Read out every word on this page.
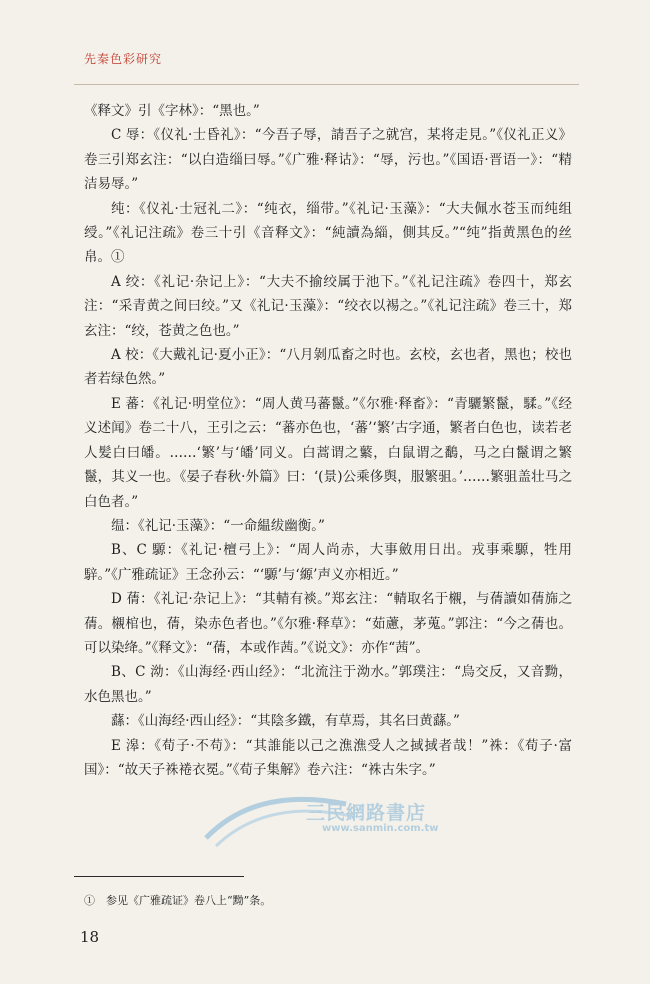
先秦色彩研究

《释文》引《字林》：“黑也。”

C 辱：《仪礼·士昏礼》：“今吾子辱，請吾子之就宫，某将走見。”《仪礼正义》卷三引郑玄注：“以白造缁曰辱。”《广雅·释诂》：“辱，污也。”《国语·晋语一》：“精洁易辱。”

纯：《仪礼·士冠礼二》：“纯衣，缁带。”《礼记·玉藻》：“大夫佩水苍玉而纯组绶。”《礼记注疏》卷三十引《音释文》：“純讀為緇，側其反。”“纯”指黄黑色的丝帛。①

A 绞：《礼记·杂记上》：“大夫不揄绞属于池下。”《礼记注疏》卷四十，郑玄注：“采青黄之间曰绞。”又《礼记·玉藻》：“绞衣以裼之。”《礼记注疏》卷三十，郑玄注：“绞，苍黄之色也。”

A 校：《大戴礼记·夏小正》：“八月剝瓜畜之时也。玄校，玄也者，黑也；校也者若绿色然。”

E 蕃：《礼记·明堂位》：“周人黄马蕃鬣。”《尔雅·释畜》：“青驪繁鬣，騥。”《经义述闻》卷二十八，王引之云：“蕃亦色也，‘蕃’‘繁’古字通，繁者白色也，读若老人髪白曰皤。……‘繁’与‘皤’同义。白蒿谓之蘩，白鼠谓之鷭，马之白鬣谓之繁鬣，其义一也。《晏子春秋·外篇》曰：‘(景)公乘侈舆，服繁驵。’……繁驵盖壮马之白色者。”

缊：《礼记·玉藻》：“一命緼绂幽衡。”

B、C 騵：《礼记·檀弓上》：“周人尚赤，大事斂用日出。戎事乘騵，牲用騂。”《广雅疏证》王念孙云：“‘騵’与‘縓’声义亦相近。”

D 蒨：《礼记·杂记上》：“其輤有裧。”郑玄注：“輤取名于櫬，与蒨讀如蒨旆之蒨。櫬棺也，蒨，染赤色者也。”《尔雅·释草》：“茹藘，茅蒐。”郭注：“今之蒨也。可以染绛。”《释文》：“蒨，本或作茜。”《说文》：亦作“茜”。

B、C 泑：《山海经·西山经》：“北流注于泑水。”郭璞注：“烏交反，又音黝，水色黑也。”

蘨：《山海经·西山经》：“其陰多鐵，有草焉，其名曰黄蘨。”

E 滜：《荀子·不苟》：“其誰能以己之潐潐受人之掝掝者哉！”袾：《荀子·富国》：“故天子袾裷衣冕。”《荀子集解》卷六注：“袾古朱字。”

三民網路書店
www.sanmin.com.tw
①　参见《广雅疏证》卷八上“黝”条。
18
